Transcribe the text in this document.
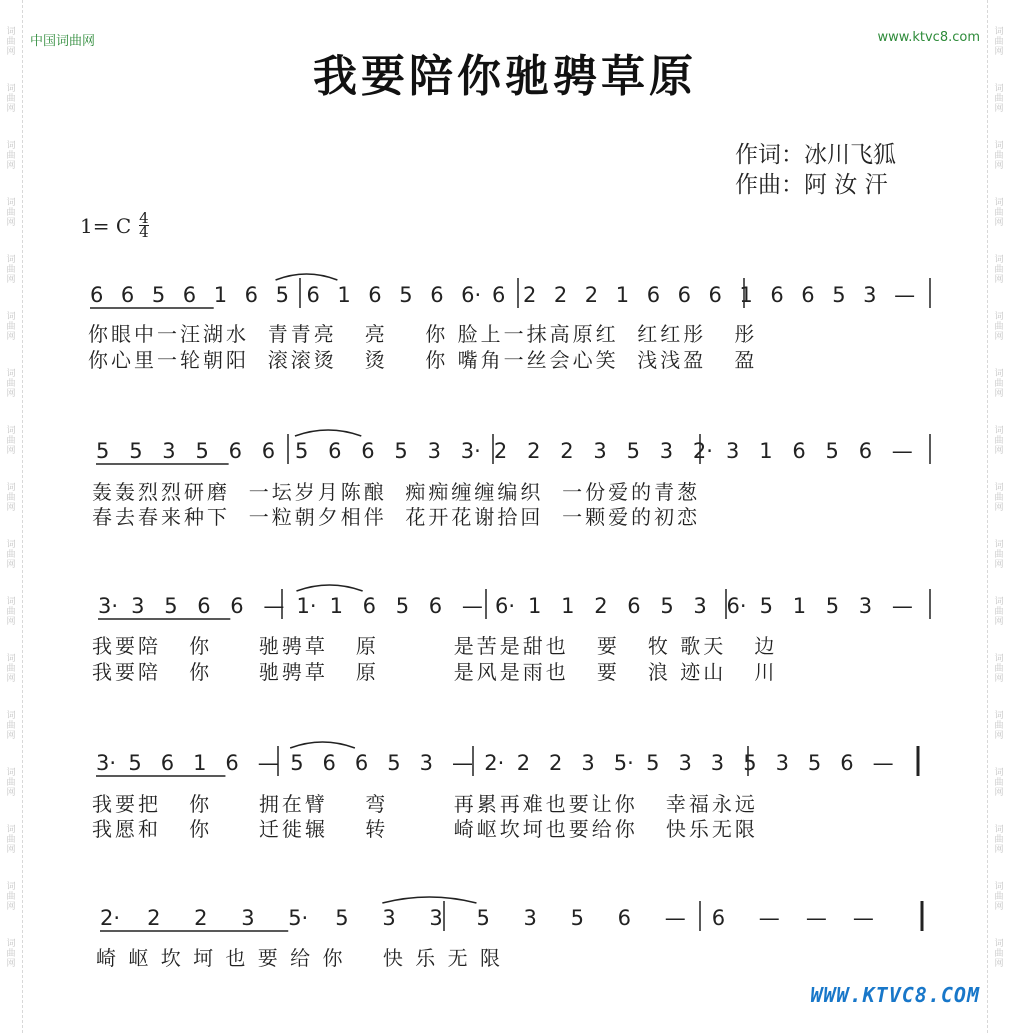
词曲网
词曲网
词曲网
词曲网
词曲网
词曲网
词曲网
词曲网
词曲网
词曲网
词曲网
词曲网
词曲网
词曲网
词曲网
词曲网
词曲网
词曲网
词曲网
词曲网
词曲网
词曲网
词曲网
词曲网
词曲网
词曲网
词曲网
词曲网
词曲网
词曲网
词曲网
词曲网
词曲网
词曲网
中国词曲网	www.ktvc8.com
我要陪你驰骋草原
作词：冰川飞狐
作曲：阿 汝 汗
1= C 4
4
6 6 5 6 1 6 5 6 1 6 5 6 6· 6 2 2 2 1 6 6 6 1 6 6 5 3 —
5 5 3 5 6 6 5 6 6 5 3 3· 2 2 2 3 5 3 2· 3 1 6 5 6 —
3· 3 5 6 6 — 1· 1 6 5 6 — 6· 1 1 2 6 5 3 6· 5 1 5 3 —
3· 5 6 1 6 — 5 6 6 5 3 — 2· 2 2 3 5· 5 3 3 5 3 5 6 —
2· 2 2 3 5· 5 3 3 5 3 5 6 — 6 — — —
你眼中一汪湖水  青青亮   亮    你 脸上一抹高原红  红红彤   彤
你心里一轮朝阳  滚滚烫   烫    你 嘴角一丝会心笑  浅浅盈   盈
轰轰烈烈研磨  一坛岁月陈酿  痴痴缠缠编织  一份爱的青葱
春去春来种下  一粒朝夕相伴  花开花谢拾回  一颗爱的初恋
我要陪   你     驰骋草   原        是苦是甜也   要   牧 歌天   边
我要陪   你     驰骋草   原        是风是雨也   要   浪 迹山   川
我要把   你     拥在臂    弯       再累再难也要让你   幸福永远
我愿和   你     迁徙辗    转       崎岖坎坷也要给你   快乐无限
崎 岖 坎 坷 也 要 给 你    快 乐 无 限
WWW.KTVC8.COM
